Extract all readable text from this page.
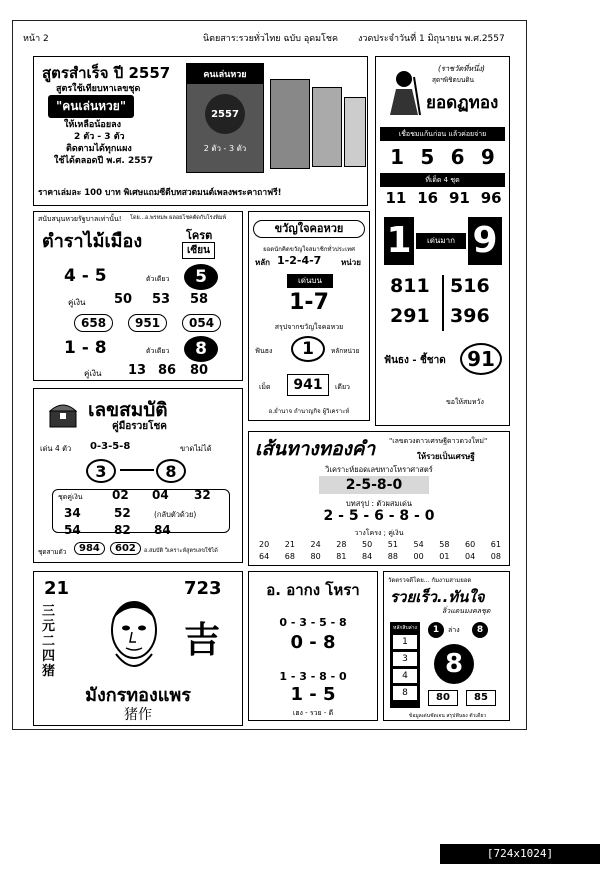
หน้า 2	นิตยสาร:รวยทั่วไทย ฉบับ อุดมโชค งวดประจำวันที่ 1 มิถุนายน พ.ศ.2557
สูตรสำเร็จ ปี 2557
สูตรใช้เทียบหาเลขชุด
"คนเล่นหวย"
ให้เหลือน้อยลง
2 ตัว - 3 ตัว
ติดตามได้ทุกแผง
ใช้ได้ตลอดปี พ.ศ. 2557
ราคาเล่มละ 100 บาท พิเศษแถมซีดีบทสวดมนต์เพลงพระคาถาฟรี!
คนเล่นหวย
2557
2 ตัว - 3 ตัว
(ราชวัดที่หนึ่ง)
สุดฯพิชิตบนดิน
ยอดฏทอง
เชื่อชมแก้นก่อน แล้วค่อยจ่าย
1 5 6 9
ที่เด็ด 4 ชุด
11 16 91 96
1	เด่นมาก 9
811 516
291 396
ฟันธง - ชี้ชาด	91
ขอให้สมหวัง
สนับสนุนหวยรัฐบาลเท่านั้น! โดย...อ.พรหมพ ผลอยโชคตัดกับโรงพิมพ์
ตำราไม้เมือง	โครต
เซียน
4 - 5	ตัวเดียว	5
คู่เงิน 50 53 58
658	951	054
1 - 8	ตัวเดียว	8
คู่เงิน 13 86 80
ขวัญใจคอหวย
ยอดนักคิดขวัญใจสมาชิกทั่วประเทศ
หลัก 1-2-4-7 หน่วย
เด่นบน
1-7
สรุปจากขวัญใจคอหวย
ฟันธง	1	หลักหน่วย
เม็ด	941	เดียว
อ.ย่ำนาจ ถำนาญกิจ ผู้วิเคราะห์
เลขสมบัติ
คู่มือรวยโชค
เด่น 4 ตัว 0-3-5-8	ขาดไม่ได้
3	8
ชุดคู่เงิน 02 04 32
34	52	(กลับตัวด้วย)
54	82 84
ชุดสามตัว	984	602	อ.สมบัติ วิเคราะห์สูตรเลขใช้ได้
เส้นทางทองคำ "เลขดวงดาวเศรษฐีดาวดวงใหม่"
ให้รวยเป็นเศรษฐี
วิเคราะห์ยอดเลขทางโหราศาสตร์
2-5-8-0
บทสรุป : ตัวผสมเด่น
2 - 5 - 6 - 8 - 0
วางโครง ; คู่เงิน
20 21 24 28 50 51 54 58 60 61
64 68 80 81 84 88 00 01 04 08
21	723
三元二四猪
吉
มังกรทองแพร
猪作
อ. อากง โหรา
0 - 3 - 5 - 8
0 - 8
1 - 3 - 8 - 0
1 - 5
เฮง - รวย - ดี
วัดตรวจดีโดย... กัมงามสามยอด
รวยเร็ว..ทันใจ
ลิ่วแดนมงคลชุด
หลักสิบล่าง
1
3
4
8
1	ล่าง	8
8
80	85
ข้อมูลเด่นชัดเจน สรุปฟันธง ตัวเดียว
[724x1024] http://upic.me/
